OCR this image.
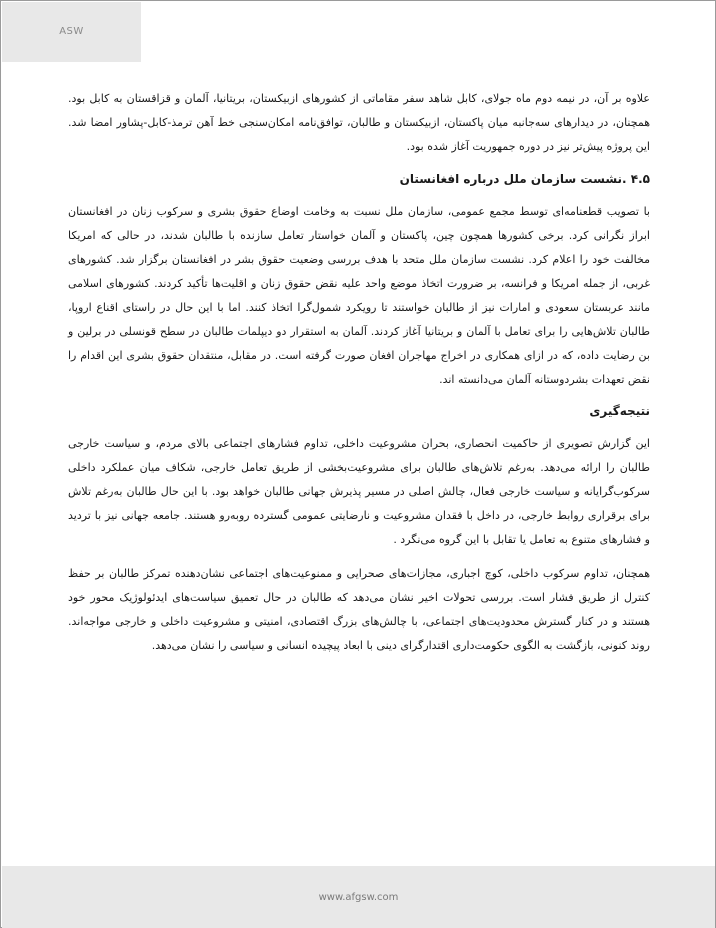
ASW

علاوه بر آن، در نیمه دوم ماه جولای، کابل شاهد سفر مقاماتی از کشورهای ازبیکستان، بریتانیا، آلمان و قزاقستان به کابل بود. همچنان، در دیدارهای سه‌جانبه میان پاکستان، ازبیکستان و طالبان، توافق‌نامه امکان‌سنجی خط آهن ترمذ-کابل-پشاور امضا شد. این پروژه پیش‌تر نیز در دوره جمهوریت آغاز شده بود.

۴.۵ .نشست سازمان ملل درباره افغانستان

با تصویب قطعنامه‌ای توسط مجمع عمومی، سازمان ملل نسبت به وخامت اوضاع حقوق بشری و سرکوب زنان در افغانستان ابراز نگرانی کرد. برخی کشورها همچون چین، پاکستان و آلمان خواستار تعامل سازنده با طالبان شدند، در حالی که امریکا مخالفت خود را اعلام کرد. نشست سازمان ملل متحد با هدف بررسی وضعیت حقوق بشر در افغانستان برگزار شد. کشورهای غربی، از جمله امریکا و فرانسه، بر ضرورت اتخاذ موضع واحد علیه نقض حقوق زنان و اقلیت‌ها تأکید کردند. کشورهای اسلامی مانند عربستان سعودی و امارات نیز از طالبان خواستند تا رویکرد شمول‌گرا اتخاذ کنند. اما با این حال در راستای اقناع اروپا، طالبان تلاش‌هایی را برای تعامل با آلمان و بریتانیا آغاز کردند. آلمان به استقرار دو دیپلمات طالبان در سطح قونسلی در برلین و بن رضایت داده، که در ازای همکاری در اخراج مهاجران افغان صورت گرفته است. در مقابل، منتقدان حقوق بشری این اقدام را نقض تعهدات بشردوستانه آلمان می‌دانسته اند.

نتیجه‌گیری

این گزارش تصویری از حاکمیت انحصاری، بحران مشروعیت داخلی، تداوم فشارهای اجتماعی بالای مردم، و سیاست خارجی طالبان را ارائه می‌دهد. به‌رغم تلاش‌های طالبان برای مشروعیت‌بخشی از طریق تعامل خارجی، شکاف میان عملکرد داخلی سرکوب‌گرایانه و سیاست خارجی فعال، چالش اصلی در مسیر پذیرش جهانی طالبان خواهد بود. با این حال طالبان به‌رغم تلاش برای برقراری روابط خارجی، در داخل با فقدان مشروعیت و نارضایتی عمومی گسترده روبه‌رو هستند. جامعه جهانی نیز با تردید و فشارهای متنوع به تعامل یا تقابل با این گروه می‌نگرد .

همچنان، تداوم سرکوب داخلی، کوچ اجباری، مجازات‌های صحرایی و ممنوعیت‌های اجتماعی نشان‌دهنده تمرکز طالبان بر حفظ کنترل از طریق فشار است. بررسی تحولات اخیر نشان می‌دهد که طالبان در حال تعمیق سیاست‌های ایدئولوژیک محور خود هستند و در کنار گسترش محدودیت‌های اجتماعی، با چالش‌های بزرگ اقتصادی، امنیتی و مشروعیت داخلی و خارجی مواجه‌اند. روند کنونی، بازگشت به الگوی حکومت‌داری اقتدارگرای دینی با ابعاد پیچیده انسانی و سیاسی را نشان می‌دهد.

www.afgsw.com
